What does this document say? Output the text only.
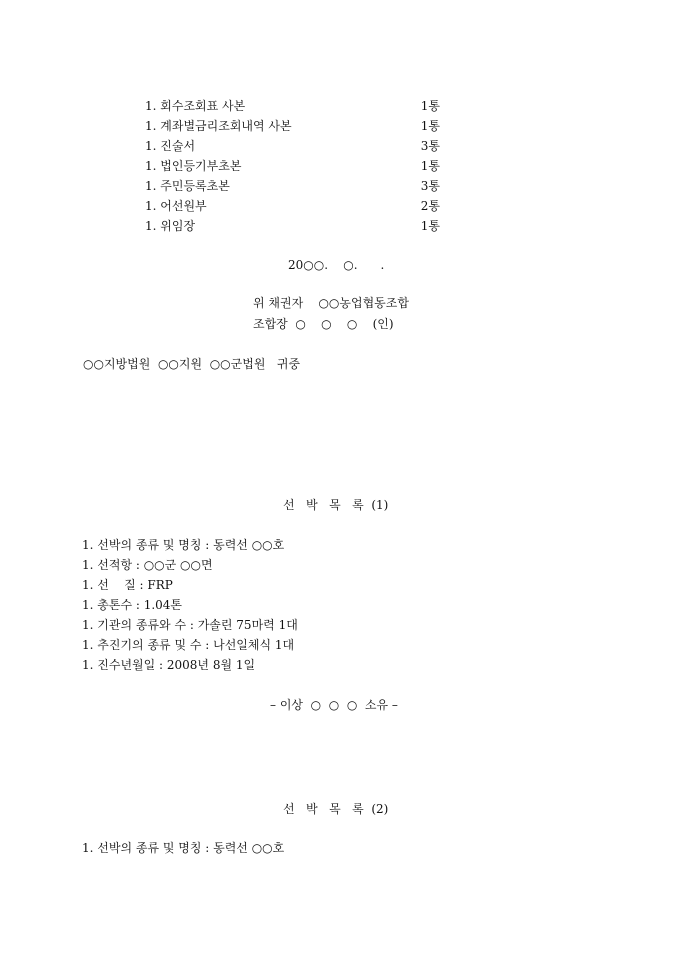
1. 회수조회표 사본	1통
1. 계좌별금리조회내역 사본	1통
1. 진술서	3통
1. 법인등기부초본	1통
1. 주민등록초본	3통
1. 어선원부	2통
1. 위임장	1통
20○○.    ○.      .
위 채권자    ○○농업협동조합
조합장  ○    ○    ○    (인)
○○지방법원  ○○지원  ○○군법원   귀중
선   박   목   록  (1)
1. 선박의 종류 및 명칭 : 동력선 ○○호
1. 선적항 : ○○군 ○○면
1. 선    질 : FRP
1. 총톤수 : 1.04톤
1. 기관의 종류와 수 : 가솔린 75마력 1대
1. 추진기의 종류 및 수 : 나선일체식 1대
1. 진수년월일 : 2008년 8월 1일
– 이상  ○  ○  ○  소유 –
선   박   목   록  (2)
1. 선박의 종류 및 명칭 : 동력선 ○○호
